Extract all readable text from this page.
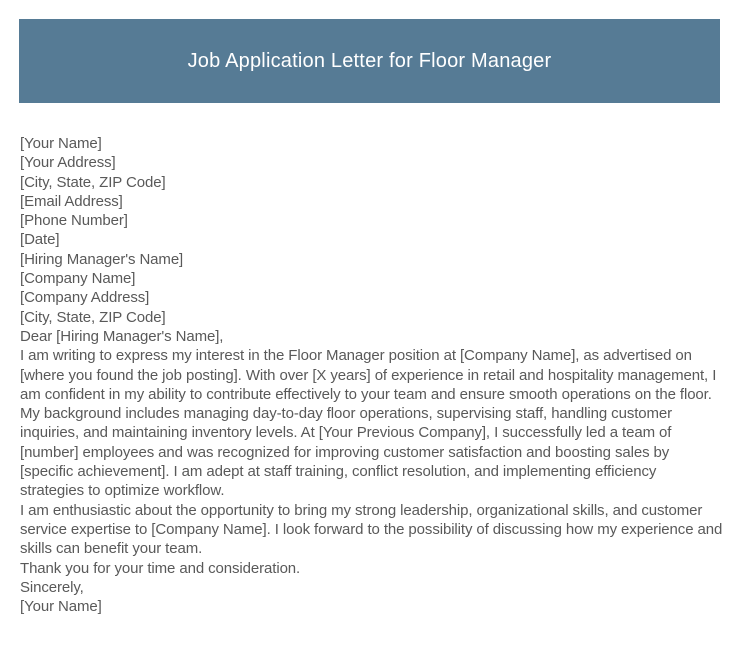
Job Application Letter for Floor Manager
[Your Name]
[Your Address]
[City, State, ZIP Code]
[Email Address]
[Phone Number]
[Date]
[Hiring Manager's Name]
[Company Name]
[Company Address]
[City, State, ZIP Code]
Dear [Hiring Manager's Name],

I am writing to express my interest in the Floor Manager position at [Company Name], as advertised on [where you found the job posting]. With over [X years] of experience in retail and hospitality management, I am confident in my ability to contribute effectively to your team and ensure smooth operations on the floor.

My background includes managing day-to-day floor operations, supervising staff, handling customer inquiries, and maintaining inventory levels. At [Your Previous Company], I successfully led a team of [number] employees and was recognized for improving customer satisfaction and boosting sales by [specific achievement]. I am adept at staff training, conflict resolution, and implementing efficiency strategies to optimize workflow.

I am enthusiastic about the opportunity to bring my strong leadership, organizational skills, and customer service expertise to [Company Name]. I look forward to the possibility of discussing how my experience and skills can benefit your team.

Thank you for your time and consideration.
Sincerely,
[Your Name]
